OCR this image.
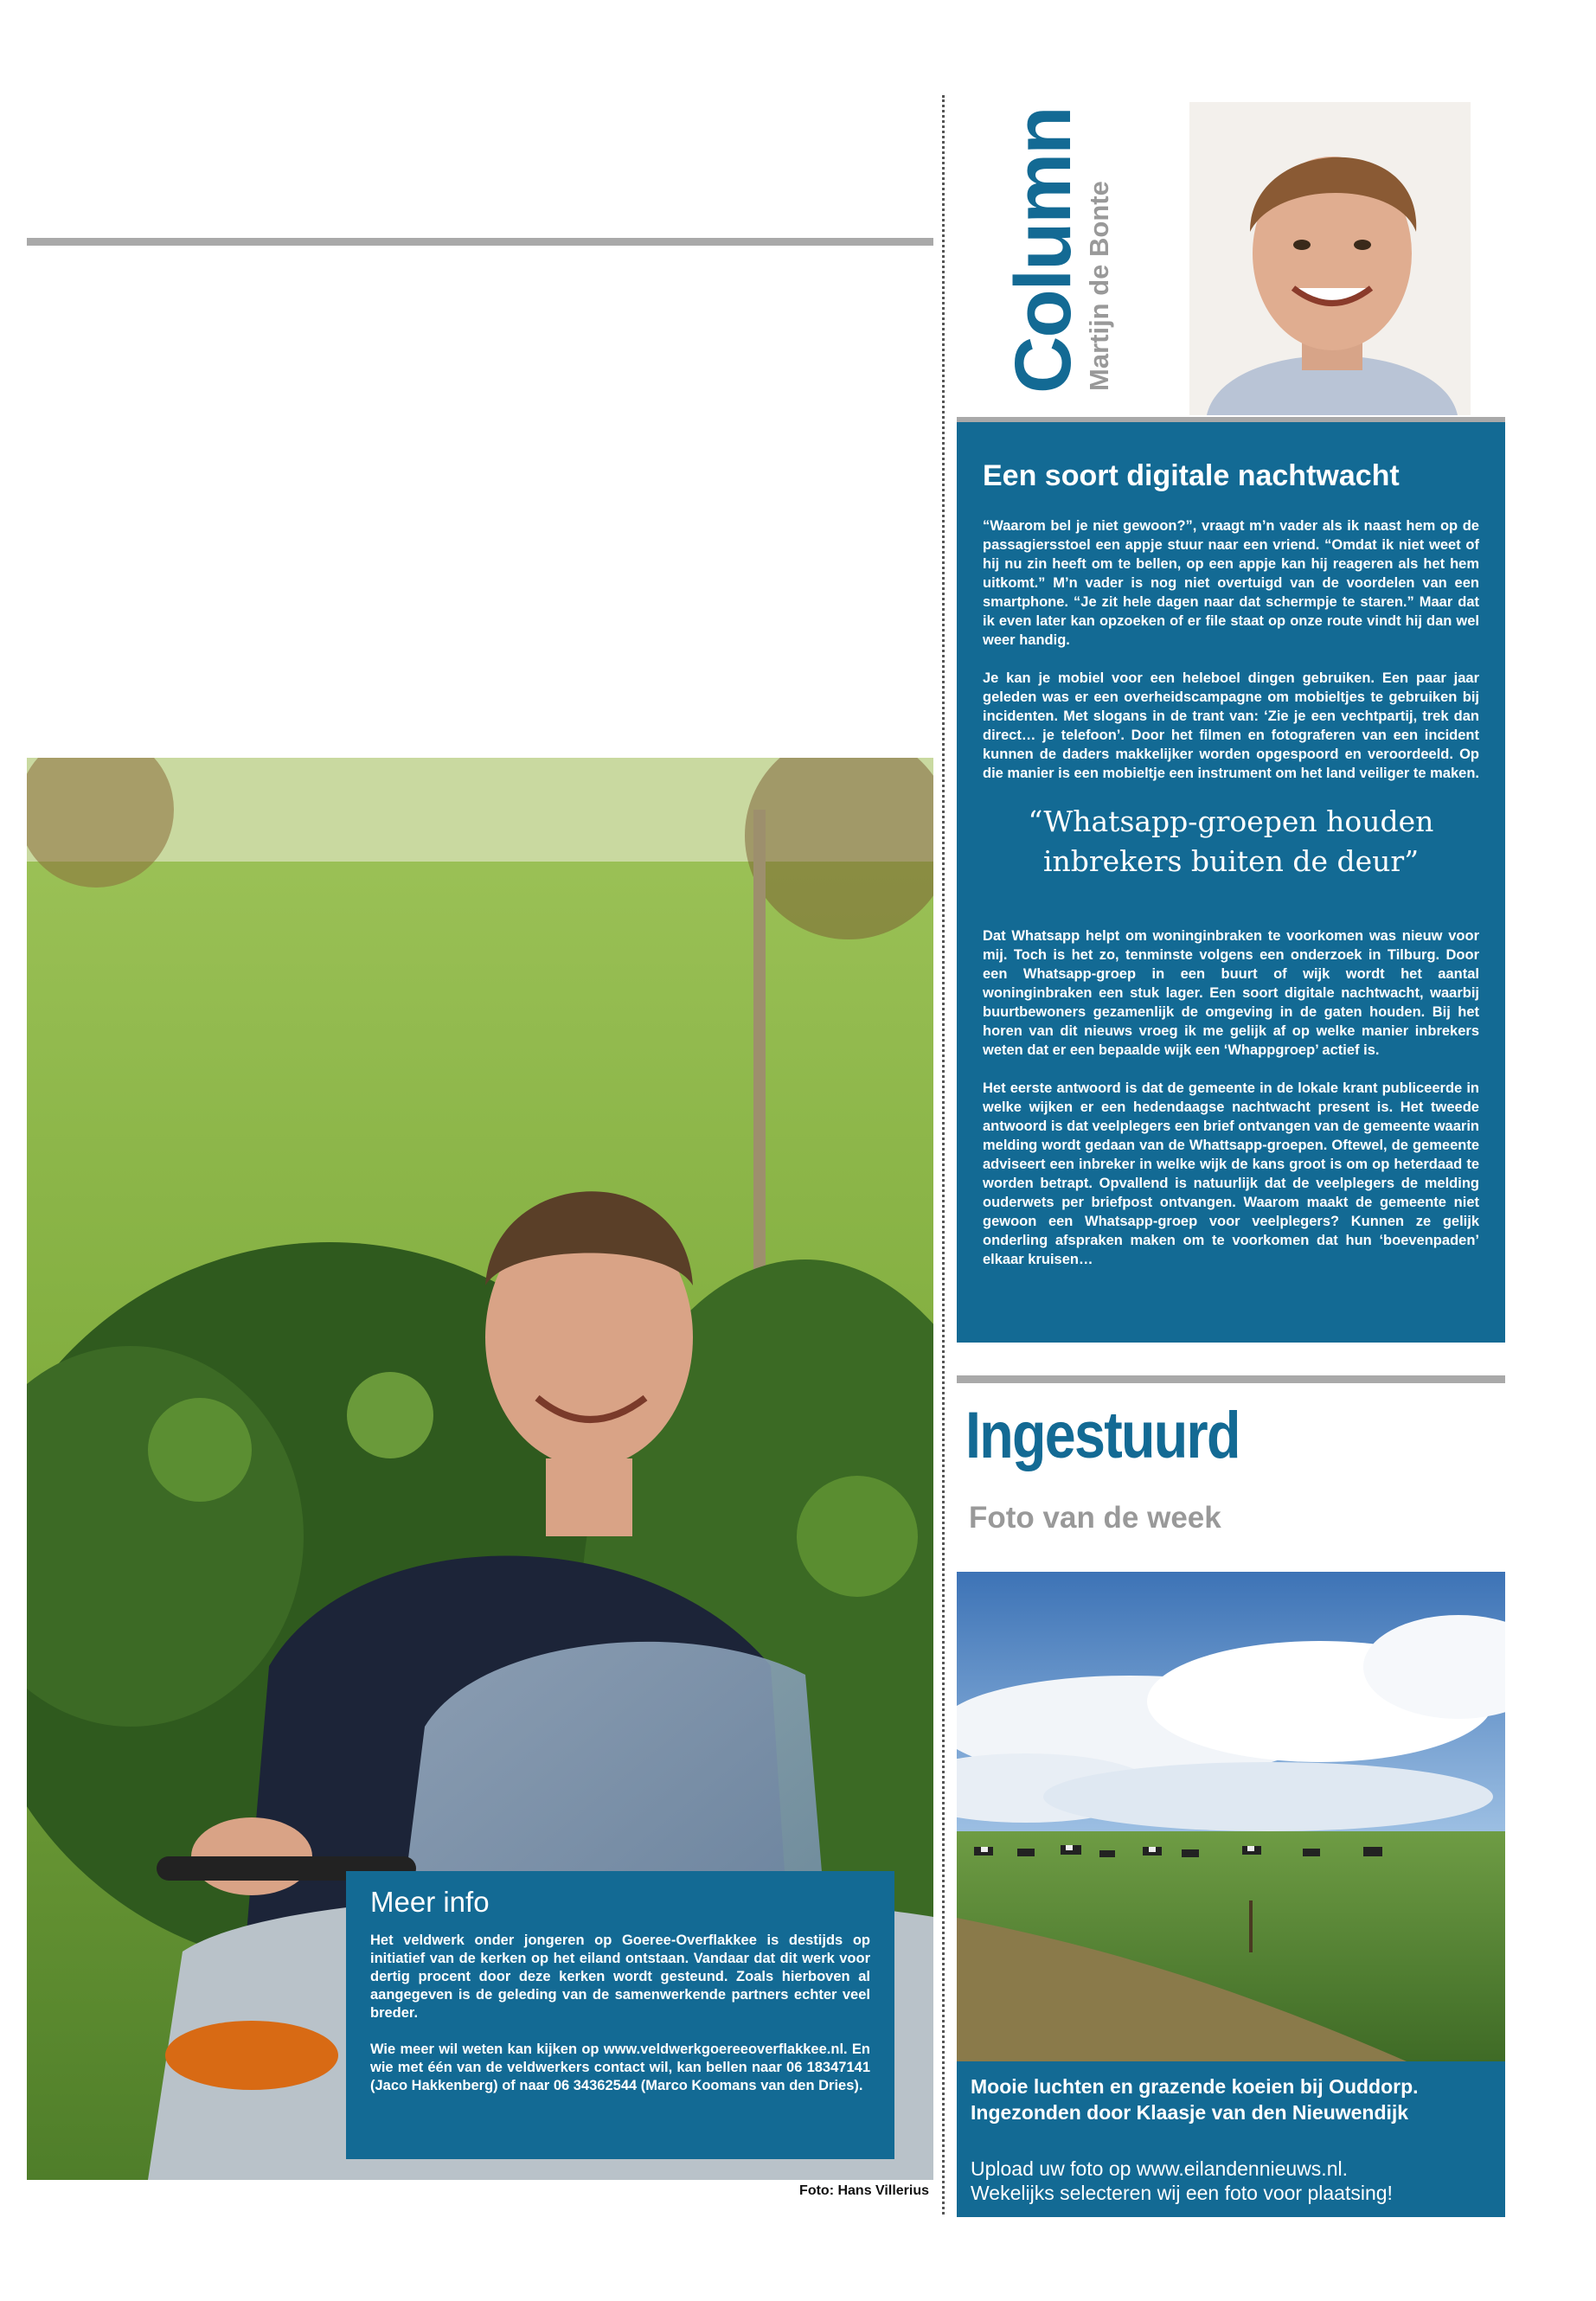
Meer info

Het veldwerk onder jongeren op Goeree-Overflakkee is destijds op initiatief van de kerken op het eiland ontstaan. Vandaar dat dit werk voor dertig procent door deze kerken wordt gesteund. Zoals hierboven al aangegeven is de geleding van de samenwerkende partners echter veel breder.

Wie meer wil weten kan kijken op www.veldwerkgoereeoverflakkee.nl. En wie met één van de veldwerkers contact wil, kan bellen naar 06 18347141 (Jaco Hakkenberg) of naar 06 34362544 (Marco Koomans van den Dries).

Foto: Hans Villerius
Column
Martijn de Bonte
Een soort digitale nachtwacht

“Waarom bel je niet gewoon?”, vraagt m’n vader als ik naast hem op de passagiersstoel een appje stuur naar een vriend. “Omdat ik niet weet of hij nu zin heeft om te bellen, op een appje kan hij reageren als het hem uitkomt.” M’n vader is nog niet overtuigd van de voordelen van een smartphone. “Je zit hele dagen naar dat schermpje te staren.” Maar dat ik even later kan opzoeken of er file staat op onze route vindt hij dan wel weer handig.

Je kan je mobiel voor een heleboel dingen gebruiken. Een paar jaar geleden was er een overheidscampagne om mobieltjes te gebruiken bij incidenten. Met slogans in de trant van: ‘Zie je een vechtpartij, trek dan direct… je telefoon’. Door het filmen en fotograferen van een incident kunnen de daders makkelijker worden opgespoord en veroordeeld. Op die manier is een mobieltje een instrument om het land veiliger te maken.

“Whatsapp-groepen houden inbrekers buiten de deur”

Dat Whatsapp helpt om woninginbraken te voorkomen was nieuw voor mij. Toch is het zo, tenminste volgens een onderzoek in Tilburg. Door een Whatsapp-groep in een buurt of wijk wordt het aantal woninginbraken een stuk lager. Een soort digitale nachtwacht, waarbij buurtbewoners gezamenlijk de omgeving in de gaten houden. Bij het horen van dit nieuws vroeg ik me gelijk af op welke manier inbrekers weten dat er een bepaalde wijk een ‘Whappgroep’ actief is.

Het eerste antwoord is dat de gemeente in de lokale krant publiceerde in welke wijken er een hedendaagse nachtwacht present is. Het tweede antwoord is dat veelplegers een brief ontvangen van de gemeente waarin melding wordt gedaan van de Whattsapp-groepen. Oftewel, de gemeente adviseert een inbreker in welke wijk de kans groot is om op heterdaad te worden betrapt. Opvallend is natuurlijk dat de veelplegers de melding ouderwets per briefpost ontvangen. Waarom maakt de gemeente niet gewoon een Whatsapp-groep voor veelplegers? Kunnen ze gelijk onderling afspraken maken om te voorkomen dat hun ‘boevenpaden’ elkaar kruisen…

Ingestuurd
Foto van de week

Mooie luchten en grazende koeien bij Ouddorp.

Ingezonden door Klaasje van den Nieuwendijk

Upload uw foto op www.eilandennieuws.nl.

Wekelijks selecteren wij een foto voor plaatsing!
